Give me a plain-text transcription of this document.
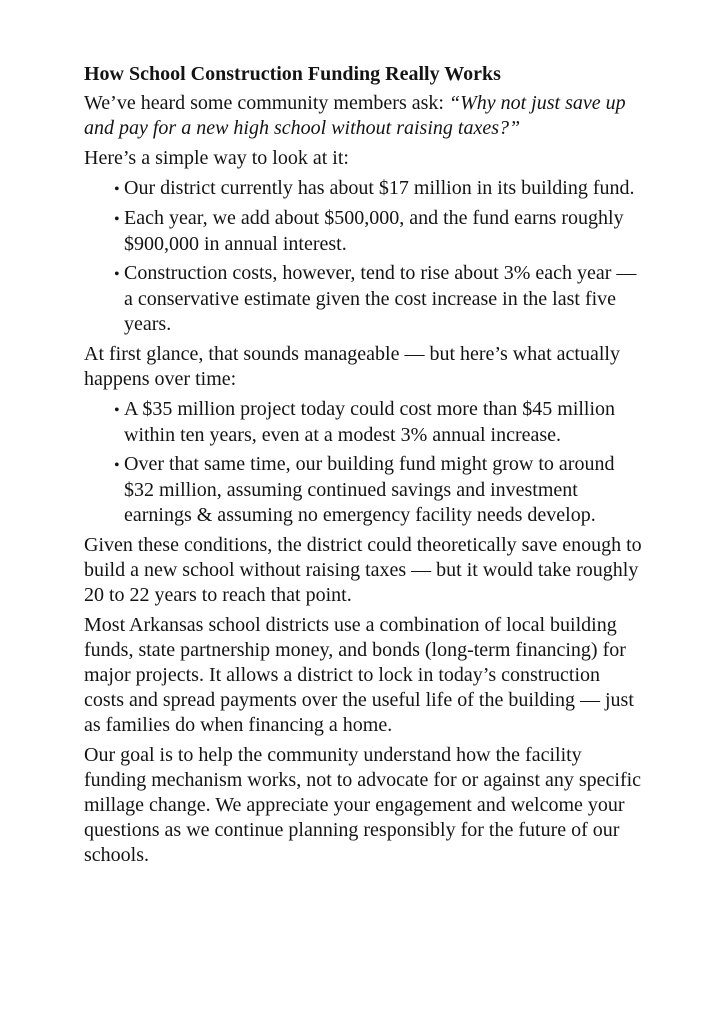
How School Construction Funding Really Works

We’ve heard some community members ask: “Why not just save up and pay for a new high school without raising taxes?”

Here’s a simple way to look at it:

• Our district currently has about $17 million in its building fund.
• Each year, we add about $500,000, and the fund earns roughly $900,000 in annual interest.
• Construction costs, however, tend to rise about 3% each year — a conservative estimate given the cost increase in the last five years.

At first glance, that sounds manageable — but here’s what actually happens over time:

• A $35 million project today could cost more than $45 million within ten years, even at a modest 3% annual increase.
• Over that same time, our building fund might grow to around $32 million, assuming continued savings and investment earnings & assuming no emergency facility needs develop.

Given these conditions, the district could theoretically save enough to build a new school without raising taxes — but it would take roughly 20 to 22 years to reach that point.

Most Arkansas school districts use a combination of local building funds, state partnership money, and bonds (long-term financing) for major projects. It allows a district to lock in today’s construction costs and spread payments over the useful life of the building — just as families do when financing a home.

Our goal is to help the community understand how the facility funding mechanism works, not to advocate for or against any specific millage change. We appreciate your engagement and welcome your questions as we continue planning responsibly for the future of our schools.
